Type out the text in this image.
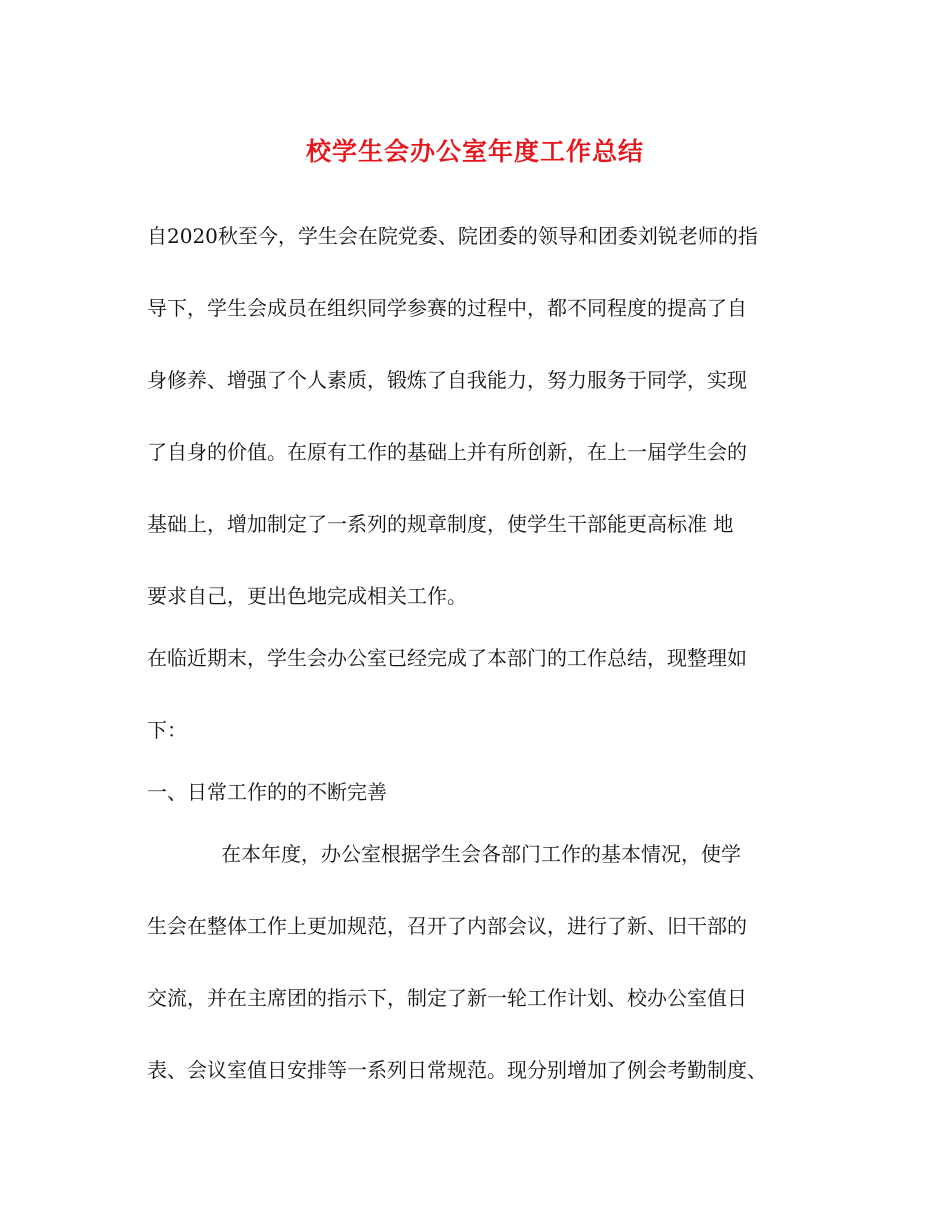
校学生会办公室年度工作总结
自2020秋至今，学生会在院党委、院团委的领导和团委刘锐老师的指
导下，学生会成员在组织同学参赛的过程中，都不同程度的提高了自
身修养、增强了个人素质，锻炼了自我能力，努力服务于同学，实现
了自身的价值。在原有工作的基础上并有所创新，在上一届学生会的
基础上，增加制定了一系列的规章制度，使学生干部能更高标准 地
要求自己，更出色地完成相关工作。
在临近期末，学生会办公室已经完成了本部门的工作总结，现整理如
下：
一、日常工作的的不断完善
在本年度，办公室根据学生会各部门工作的基本情况，使学
生会在整体工作上更加规范，召开了内部会议，进行了新、旧干部的
交流，并在主席团的指示下，制定了新一轮工作计划、校办公室值日
表、会议室值日安排等一系列日常规范。现分别增加了例会考勤制度、
